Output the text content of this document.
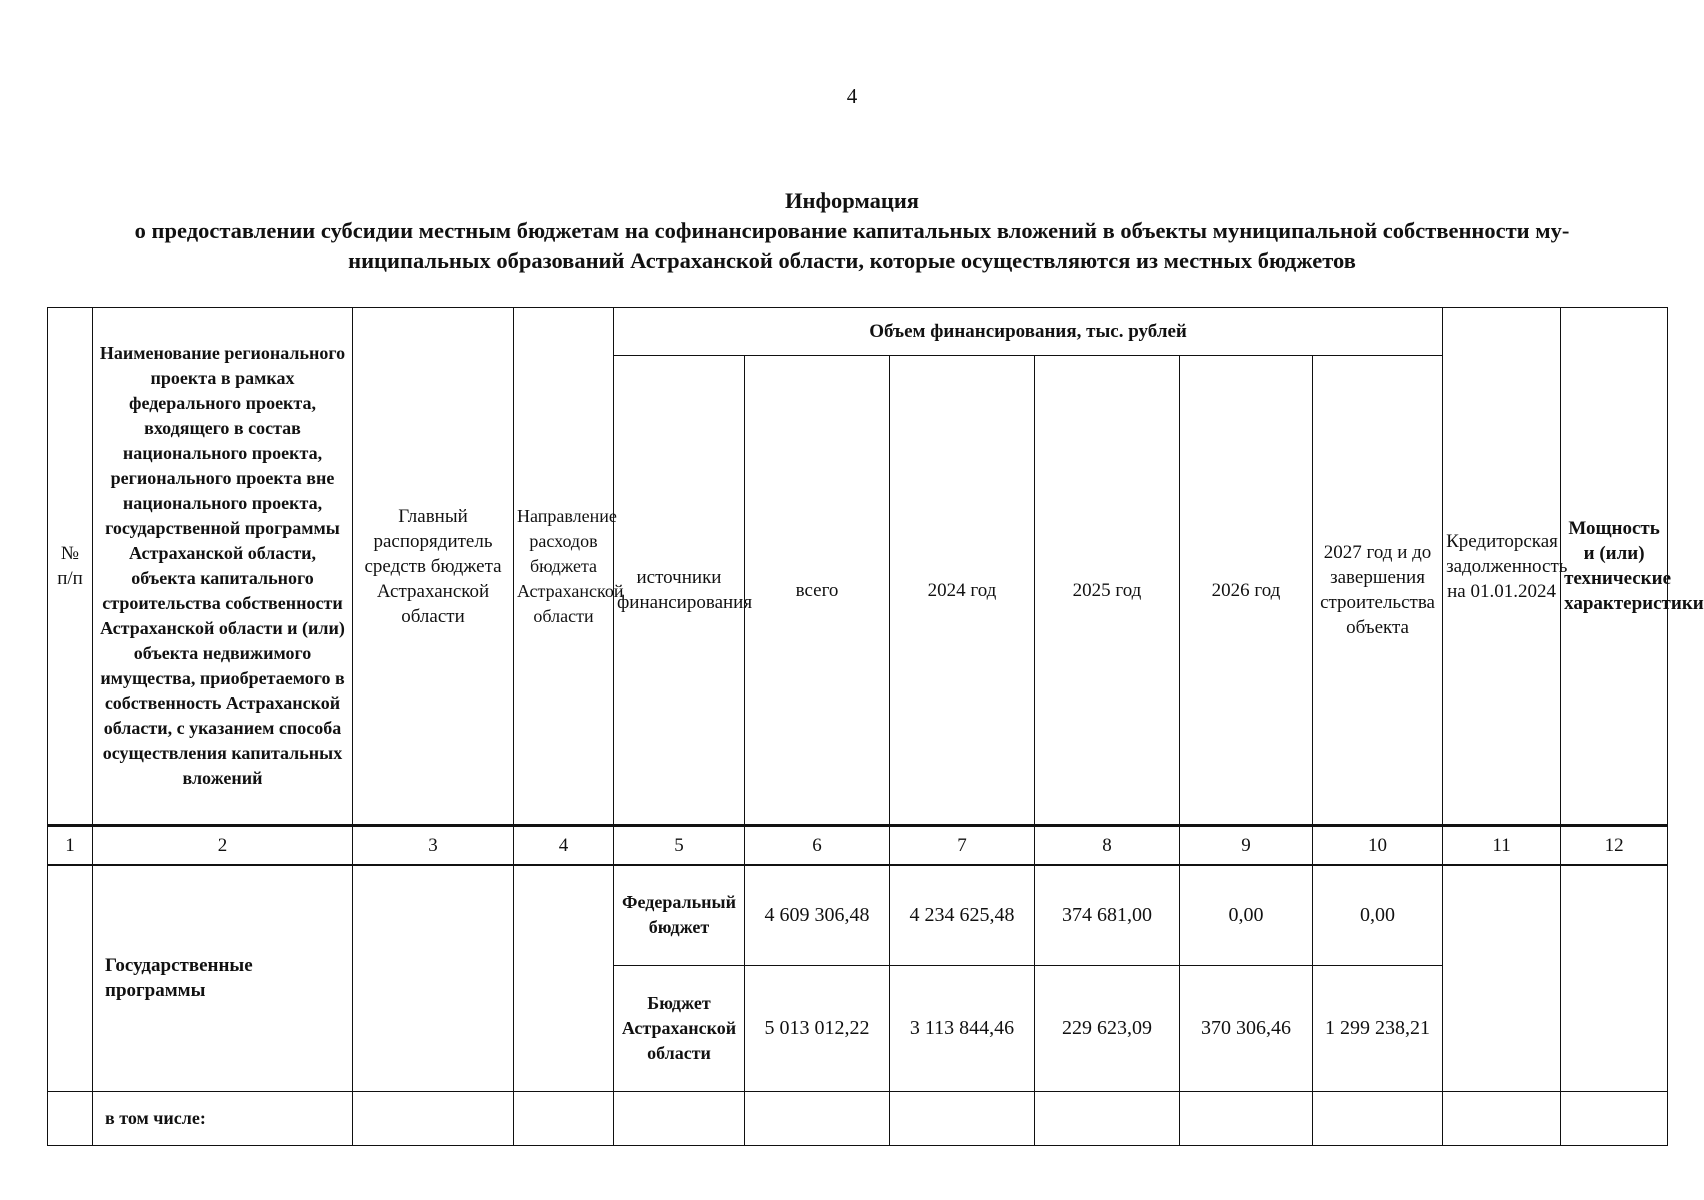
4
Информация
о предоставлении субсидии местным бюджетам на софинансирование капитальных вложений в объекты муниципальной собственности му-
ниципальных образований Астраханской области, которые осуществляются из местных бюджетов
№ п/п	Наименование регионального проекта в рамках федерального проекта, входящего в состав национального проекта, регионального проекта вне национального проекта, государственной программы Астраханской области, объекта капитального строительства собственности Астраханской области и (или) объекта недвижимого имущества, приобретаемого в собственность Астраханской области, с указанием способа осуществления капитальных вложений	Главный распорядитель средств бюджета Астраханской области	Направление расходов бюджета Астраханской области	Объем финансирования, тыс. рублей						Кредиторская задолженность на 01.01.2024	Мощность и (или) технические характеристики
				источники финансирования	всего	2024 год	2025 год	2026 год	2027 год и до завершения строительства объекта		
1	2	3	4	5	6	7	8	9	10	11	12
	Государственные программы			Федеральный бюджет	4 609 306,48	4 234 625,48	374 681,00	0,00	0,00		
				Бюджет Астраханской области	5 013 012,22	3 113 844,46	229 623,09	370 306,46	1 299 238,21		
	в том числе:										
